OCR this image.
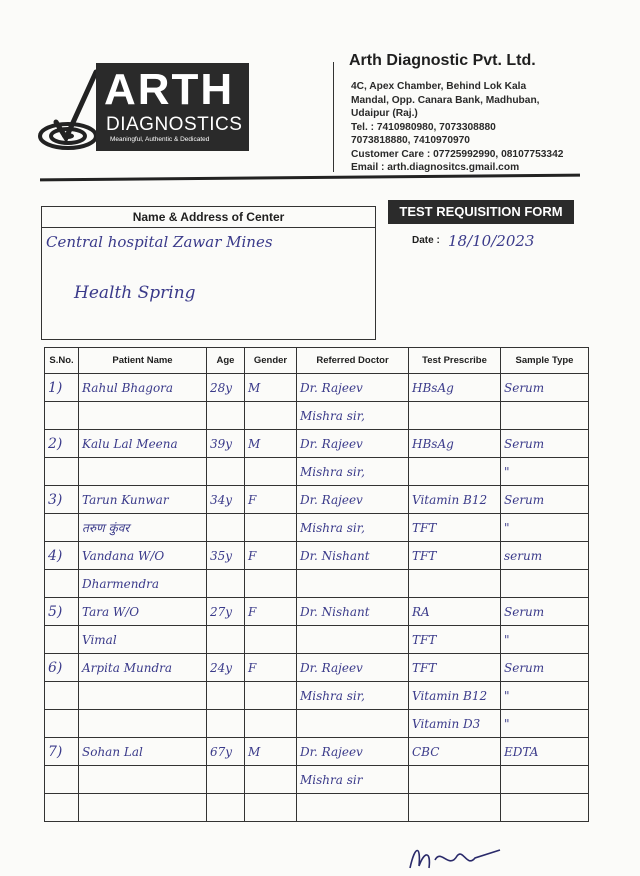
ARTH
DIAGNOSTICS
Meaningful, Authentic & Dedicated
Arth Diagnostic Pvt. Ltd.
4C, Apex Chamber, Behind Lok Kala
Mandal, Opp. Canara Bank, Madhuban,
Udaipur (Raj.)
Tel. : 7410980980, 7073308880
7073818880, 7410970970
Customer Care : 07725992990, 08107753342
Email : arth.diagnositcs.gmail.com
Name & Address of Center
Central hospital Zawar Mines
Health Spring
TEST REQUISITION FORM
Date : 18/10/2023
S.No.	Patient Name	Age	Gender	Referred Doctor	Test Prescribe	Sample Type

1)	Rahul Bhagora	28y	M	Dr. Rajeev	HBsAg	Serum

				Mishra sir,		

2)	Kalu Lal Meena	39y	M	Dr. Rajeev	HBsAg	Serum

				Mishra sir,		"

3)	Tarun Kunwar	34y	F	Dr. Rajeev	Vitamin B12	Serum

	तरुण कुंवर			Mishra sir,	TFT	"

4)	Vandana W/O	35y	F	Dr. Nishant	TFT	serum

	Dharmendra					

5)	Tara W/O	27y	F	Dr. Nishant	RA	Serum

	Vimal				TFT	"

6)	Arpita Mundra	24y	F	Dr. Rajeev	TFT	Serum

				Mishra sir,	Vitamin B12	"

					Vitamin D3	"

7)	Sohan Lal	67y	M	Dr. Rajeev	CBC	EDTA

				Mishra sir		
